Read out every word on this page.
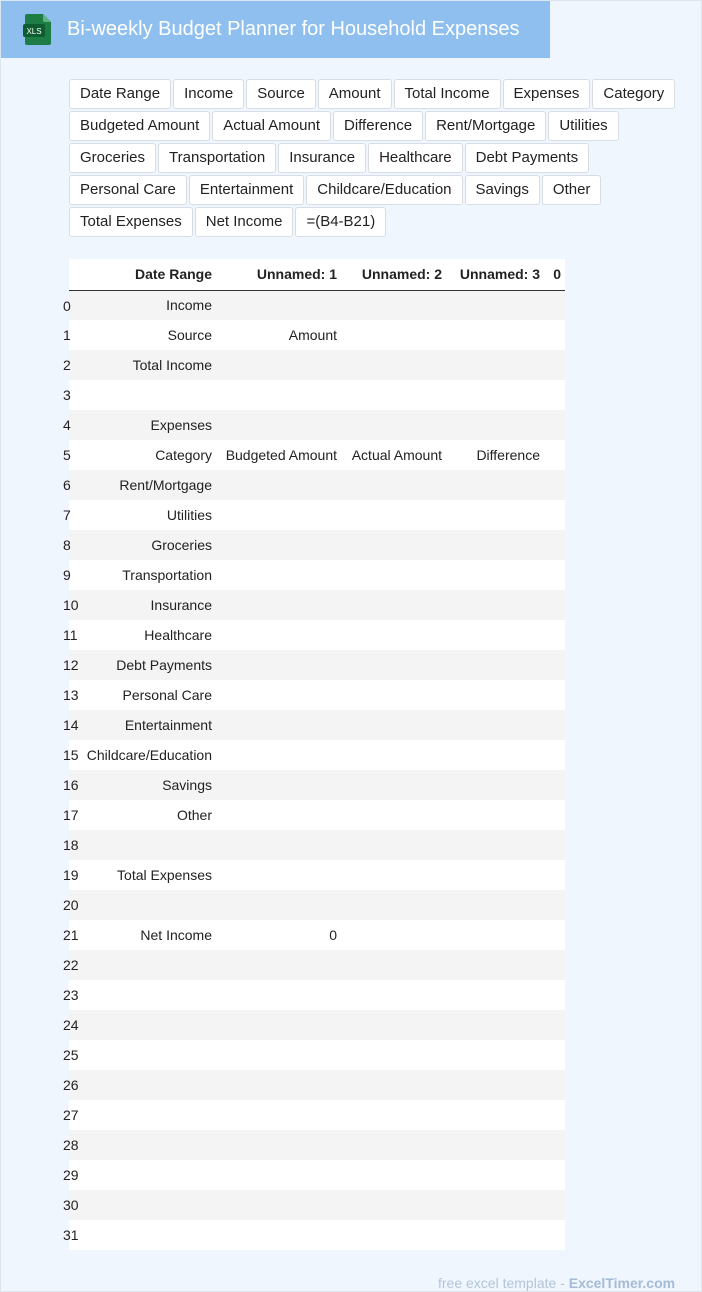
XLS Bi-weekly Budget Planner for Household Expenses
Date Range	Income	Source	Amount	Total Income	Expenses	Category
Budgeted Amount	Actual Amount	Difference	Rent/Mortgage	Utilities
Groceries	Transportation	Insurance	Healthcare	Debt Payments
Personal Care	Entertainment	Childcare/Education	Savings	Other
Total Expenses	Net Income	=(B4-B21)
	Date Range	Unnamed: 1	Unnamed: 2	Unnamed: 3	0

0	Income				

1	Source	Amount			

2	Total Income				

3					

4	Expenses				

5	Category	Budgeted Amount	Actual Amount	Difference	

6	Rent/Mortgage				

7	Utilities				

8	Groceries				

9	Transportation				

10	Insurance				

11	Healthcare				

12	Debt Payments				

13	Personal Care				

14	Entertainment				

15	Childcare/Education				

16	Savings				

17	Other				

18					

19	Total Expenses				

20					

21	Net Income	0			

22					

23					

24					

25					

26					

27					

28					

29					

30					

31					

free excel template - ExcelTimer.com
